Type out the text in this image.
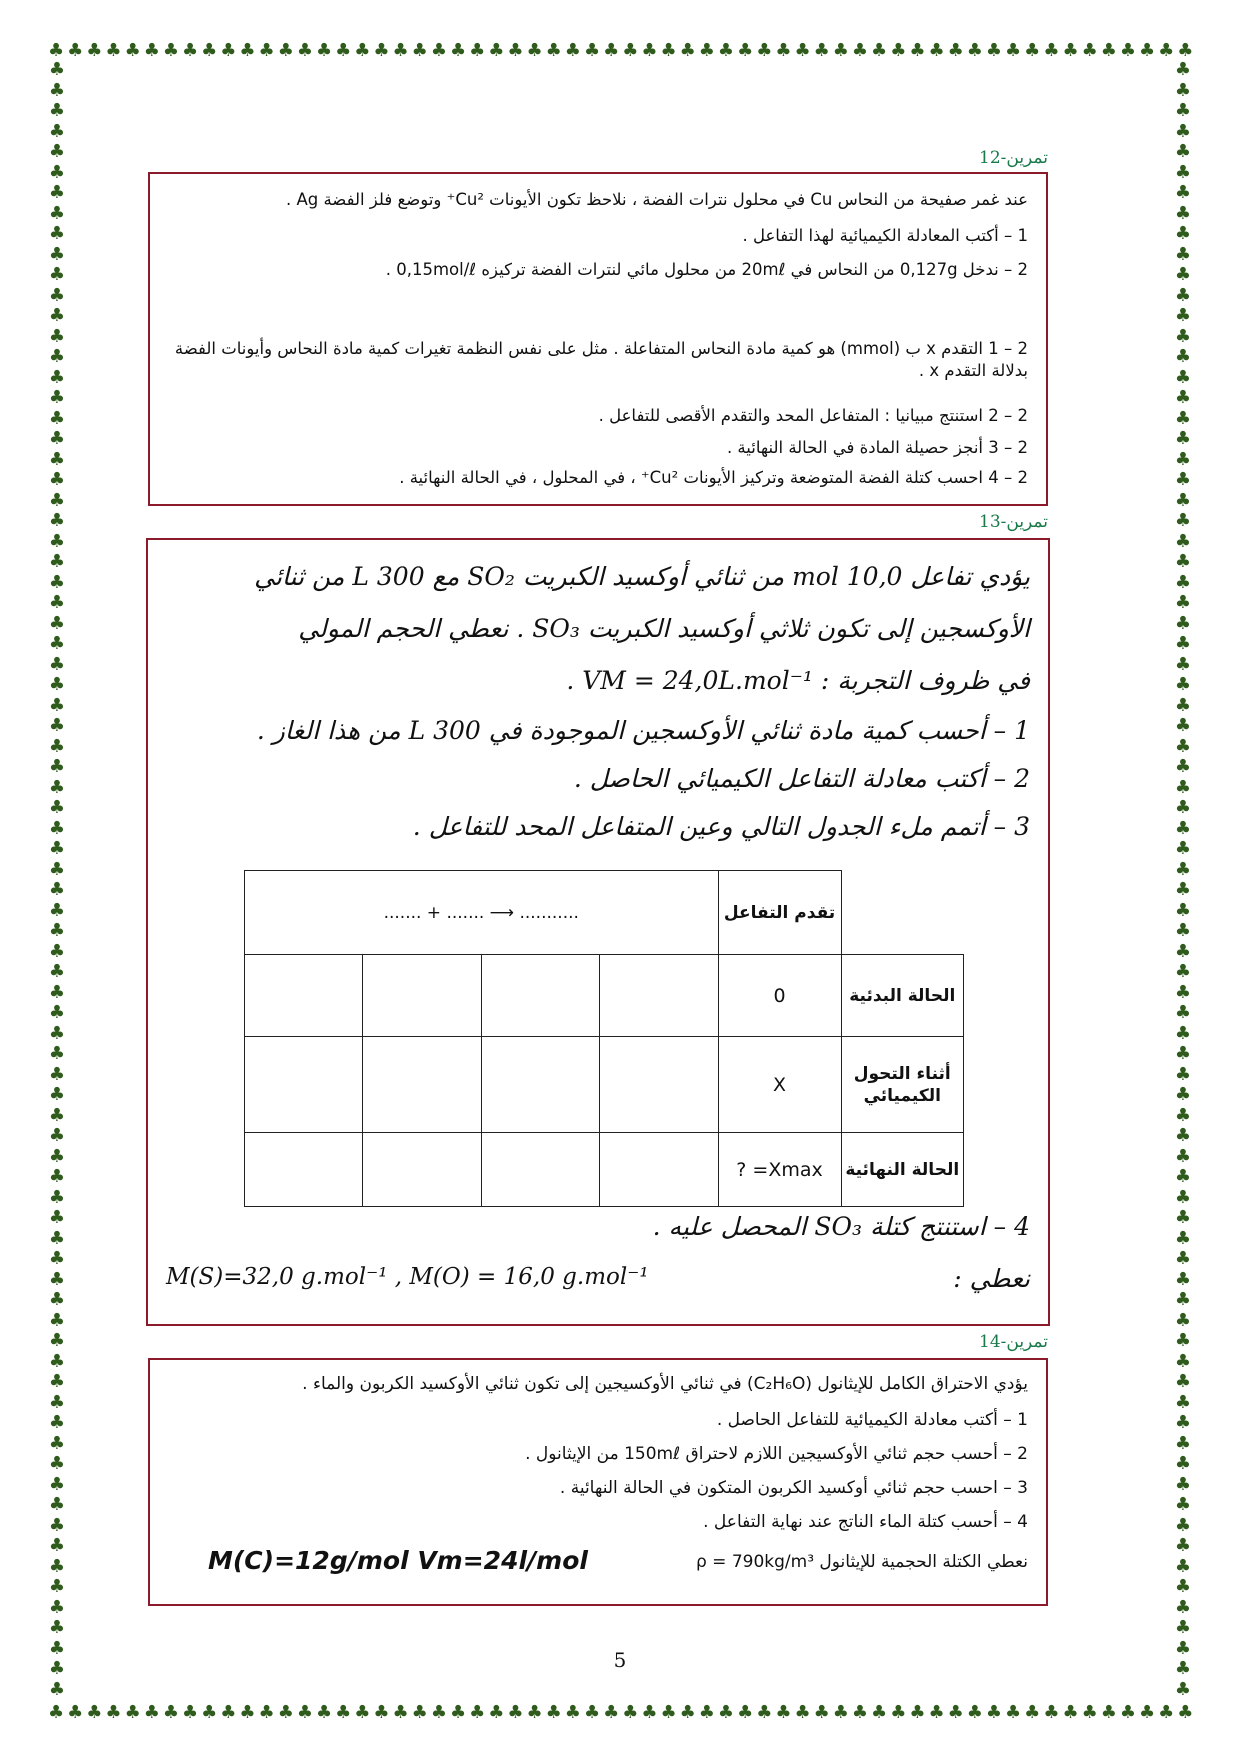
♣ ♣ ♣ ♣ ♣ ♣ ♣ ♣ ♣ ♣ ♣ ♣ ♣ ♣ ♣ ♣ ♣ ♣ ♣ ♣ ♣ ♣ ♣ ♣ ♣ ♣ ♣ ♣ ♣ ♣ ♣ ♣ ♣ ♣ ♣ ♣ ♣ ♣ ♣ ♣ ♣ ♣ ♣ ♣ ♣ ♣ ♣ ♣ ♣ ♣ ♣ ♣ ♣ ♣ ♣ ♣ ♣ ♣ ♣ ♣
♣ ♣ ♣ ♣ ♣ ♣ ♣ ♣ ♣ ♣ ♣ ♣ ♣ ♣ ♣ ♣ ♣ ♣ ♣ ♣ ♣ ♣ ♣ ♣ ♣ ♣ ♣ ♣ ♣ ♣ ♣ ♣ ♣ ♣ ♣ ♣ ♣ ♣ ♣ ♣ ♣ ♣ ♣ ♣ ♣ ♣ ♣ ♣ ♣ ♣ ♣ ♣ ♣ ♣ ♣ ♣ ♣ ♣ ♣ ♣
♣
♣
♣
♣
♣
♣
♣
♣
♣
♣
♣
♣
♣
♣
♣
♣
♣
♣
♣
♣
♣
♣
♣
♣
♣
♣
♣
♣
♣
♣
♣
♣
♣
♣
♣
♣
♣
♣
♣
♣
♣
♣
♣
♣
♣
♣
♣
♣
♣
♣
♣
♣
♣
♣
♣
♣
♣
♣
♣
♣
♣
♣
♣
♣
♣
♣
♣
♣
♣
♣
♣
♣
♣
♣
♣
♣
♣
♣
♣
♣
♣
♣
♣
♣
♣
♣
♣
♣
♣
♣
♣
♣
♣
♣
♣
♣
♣
♣
♣
♣
♣
♣
♣
♣
♣
♣
♣
♣
♣
♣
♣
♣
♣
♣
♣
♣
♣
♣
♣
♣
♣
♣
♣
♣
♣
♣
♣
♣
♣
♣
♣
♣
♣
♣
♣
♣
♣
♣
♣
♣
♣
♣
♣
♣
♣
♣
♣
♣
♣
♣
♣
♣
♣
♣
♣
♣
♣
♣
♣
♣
تمرين-12
عند غمر صفيحة من النحاس Cu في محلول نترات الفضة ، نلاحظ تكون الأيونات Cu²⁺ وتوضع فلز الفضة Ag .
1 – أكتب المعادلة الكيميائية لهذا التفاعل .
2 – ندخل 0,127g من النحاس في 20mℓ من محلول مائي لنترات الفضة تركيزه 0,15mol/ℓ .
2 – 1 التقدم x ب (mmol) هو كمية مادة النحاس المتفاعلة . مثل على نفس النظمة تغيرات كمية مادة النحاس وأيونات الفضة بدلالة التقدم x .
2 – 2 استنتج مبيانيا : المتفاعل المحد والتقدم الأقصى للتفاعل .
2 – 3 أنجز حصيلة المادة في الحالة النهائية .
2 – 4 احسب كتلة الفضة المتوضعة وتركيز الأيونات Cu²⁺ ، في المحلول ، في الحالة النهائية .
تمرين-13
يؤدي تفاعل 10,0 mol من ثنائي أوكسيد الكبريت SO₂ مع 300 L من ثنائي
الأوكسجين إلى تكون ثلاثي أوكسيد الكبريت SO₃ . نعطي الحجم المولي
في ظروف التجربة : VM = 24,0L.mol⁻¹ .
1 – أحسب كمية مادة ثنائي الأوكسجين الموجودة في 300 L من هذا الغاز .
2 – أكتب معادلة التفاعل الكيميائي الحاصل .
3 – أتمم ملء الجدول التالي وعين المتفاعل المحد للتفاعل .
	تقدم التفاعل	....... + ....... ⟶ ...........			
الحالة البدئية	0				
أثناء التحول الكيميائي	X				
الحالة النهائية	Xmax= ?				
4 – استنتج كتلة SO₃ المحصل عليه .
نعطي :
M(S)=32,0 g.mol⁻¹ , M(O) = 16,0 g.mol⁻¹
تمرين-14
يؤدي الاحتراق الكامل للإيثانول (C₂H₆O) في ثنائي الأوكسيجين إلى تكون ثنائي الأوكسيد الكربون والماء .
1 – أكتب معادلة الكيميائية للتفاعل الحاصل .
2 – أحسب حجم ثنائي الأوكسيجين اللازم لاحتراق 150mℓ من الإيثانول .
3 – احسب حجم ثنائي أوكسيد الكربون المتكون في الحالة النهائية .
4 – أحسب كتلة الماء الناتج عند نهاية التفاعل .
نعطي الكتلة الحجمية للإيثانول ρ = 790kg/m³
M(C)=12g/mol Vm=24l/mol
5
